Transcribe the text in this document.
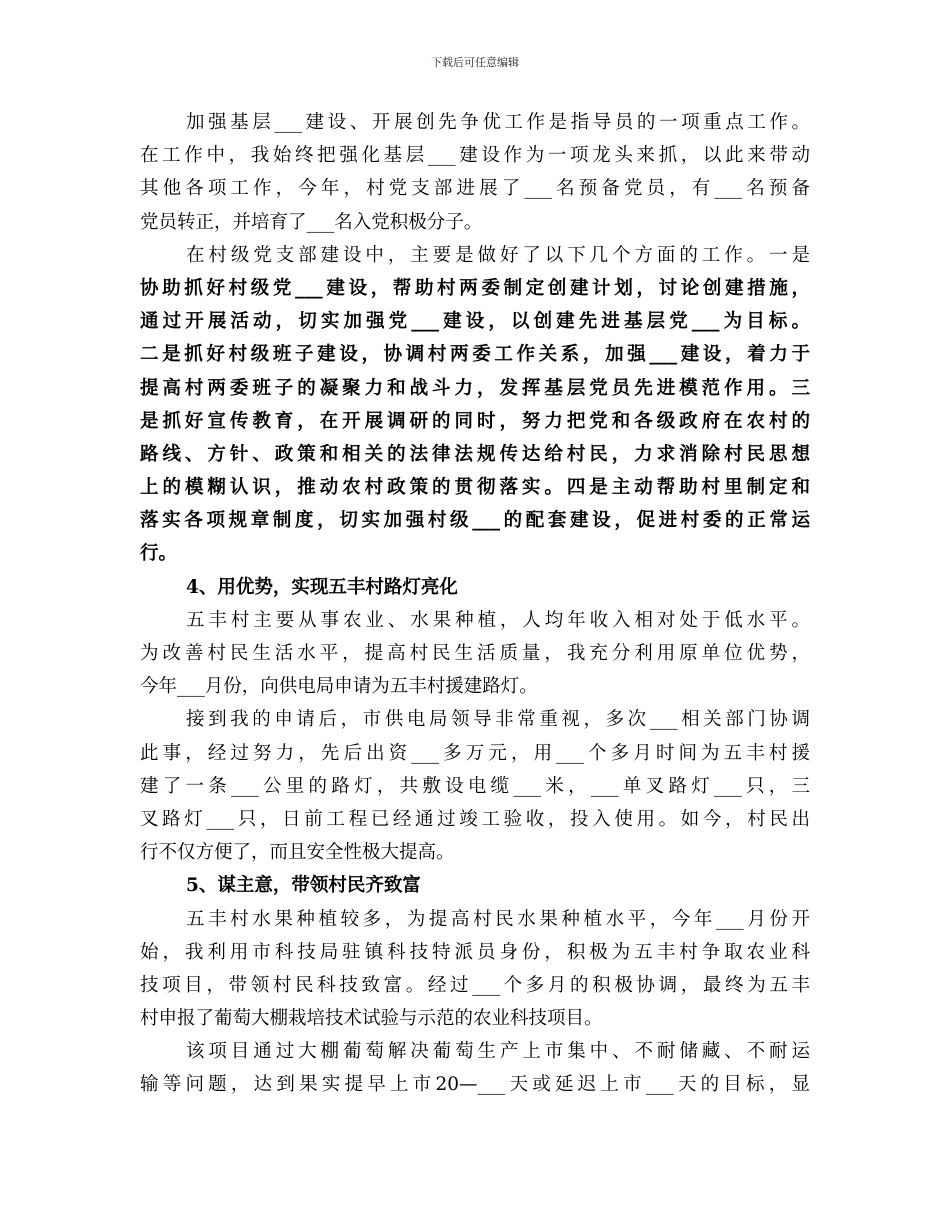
下载后可任意编辑
加强基层___建设、开展创先争优工作是指导员的一项重点工作。
在工作中，我始终把强化基层___建设作为一项龙头来抓，以此来带动
其他各项工作，今年，村党支部进展了___名预备党员，有___名预备
党员转正，并培育了___名入党积极分子。
在村级党支部建设中，主要是做好了以下几个方面的工作。一是
协助抓好村级党___建设，帮助村两委制定创建计划，讨论创建措施，
通过开展活动，切实加强党___建设，以创建先进基层党___为目标。
二是抓好村级班子建设，协调村两委工作关系，加强___建设，着力于
提高村两委班子的凝聚力和战斗力，发挥基层党员先进模范作用。三
是抓好宣传教育，在开展调研的同时，努力把党和各级政府在农村的
路线、方针、政策和相关的法律法规传达给村民，力求消除村民思想
上的模糊认识，推动农村政策的贯彻落实。四是主动帮助村里制定和
落实各项规章制度，切实加强村级___的配套建设，促进村委的正常运
行。
4、用优势，实现五丰村路灯亮化
五丰村主要从事农业、水果种植，人均年收入相对处于低水平。
为改善村民生活水平，提高村民生活质量，我充分利用原单位优势，
今年___月份，向供电局申请为五丰村援建路灯。
接到我的申请后，市供电局领导非常重视，多次___相关部门协调
此事，经过努力，先后出资___多万元，用___个多月时间为五丰村援
建了一条___公里的路灯，共敷设电缆___米，___单叉路灯___只，三
叉路灯___只，日前工程已经通过竣工验收，投入使用。如今，村民出
行不仅方便了，而且安全性极大提高。
5、谋主意，带领村民齐致富
五丰村水果种植较多，为提高村民水果种植水平，今年___月份开
始，我利用市科技局驻镇科技特派员身份，积极为五丰村争取农业科
技项目，带领村民科技致富。经过___个多月的积极协调，最终为五丰
村申报了葡萄大棚栽培技术试验与示范的农业科技项目。
该项目通过大棚葡萄解决葡萄生产上市集中、不耐储藏、不耐运
输等问题，达到果实提早上市20—___天或延迟上市___天的目标，显
